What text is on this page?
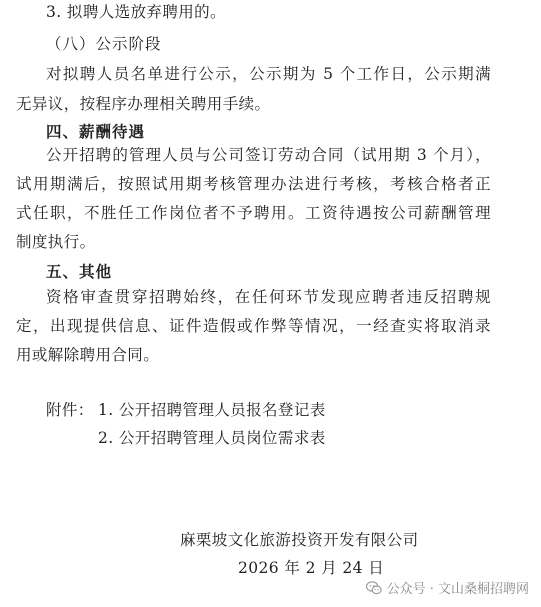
3. 拟聘人选放弃聘用的。
（八）公示阶段
对拟聘人员名单进行公示，公示期为 5 个工作日，公示期满
无异议，按程序办理相关聘用手续。
四、薪酬待遇
公开招聘的管理人员与公司签订劳动合同（试用期 3 个月），
试用期满后，按照试用期考核管理办法进行考核，考核合格者正
式任职，不胜任工作岗位者不予聘用。工资待遇按公司薪酬管理
制度执行。
五、其他
资格审查贯穿招聘始终，在任何环节发现应聘者违反招聘规
定，出现提供信息、证件造假或作弊等情况，一经查实将取消录
用或解除聘用合同。
附件： 1. 公开招聘管理人员报名登记表
2. 公开招聘管理人员岗位需求表
麻栗坡文化旅游投资开发有限公司
2026 年 2 月 24 日
公众号 · 文山桑桐招聘网
